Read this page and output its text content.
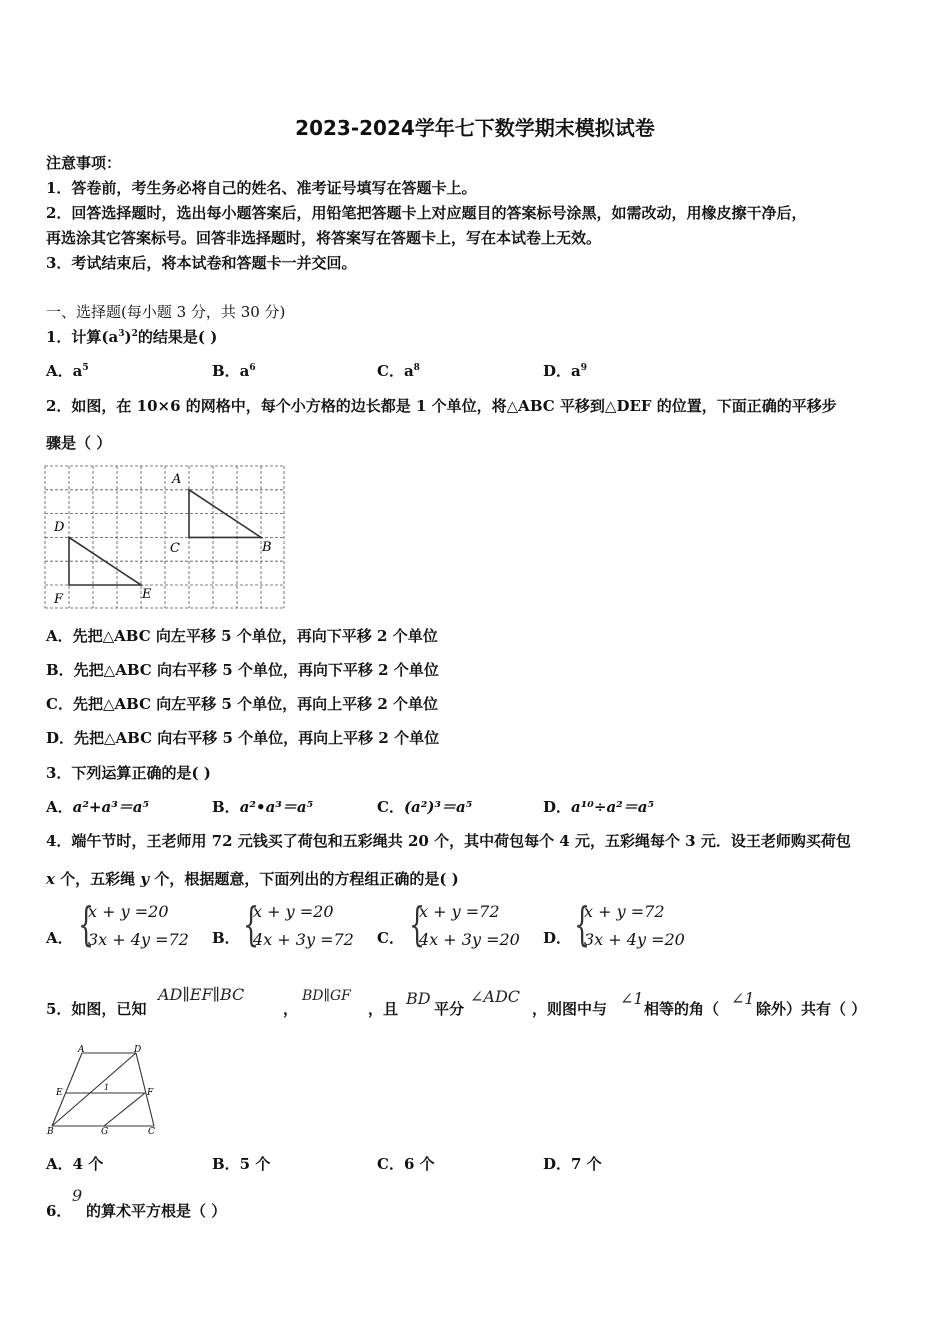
2023-2024学年七下数学期末模拟试卷
注意事项：
1．答卷前，考生务必将自己的姓名、准考证号填写在答题卡上。
2．回答选择题时，选出每小题答案后，用铅笔把答题卡上对应题目的答案标号涂黑，如需改动，用橡皮擦干净后，
再选涂其它答案标号。回答非选择题时，将答案写在答题卡上，写在本试卷上无效。
3．考试结束后，将本试卷和答题卡一并交回。
一、选择题(每小题 3 分，共 30 分)
1．计算$(a^3)^2$的结果是( )
A．$a^5$	B．$a^6$	C．$a^8$	D．$a^9$
2．如图，在 10×6 的网格中，每个小方格的边长都是 1 个单位，将△ABC 平移到△DEF 的位置，下面正确的平移步
骤是（ ）
A
B
C
D
E
F
A．先把△ABC 向左平移 5 个单位，再向下平移 2 个单位
B．先把△ABC 向右平移 5 个单位，再向下平移 2 个单位
C．先把△ABC 向左平移 5 个单位，再向上平移 2 个单位
D．先把△ABC 向右平移 5 个单位，再向上平移 2 个单位
3．下列运算正确的是( )
A．a²+a³＝a⁵	B．a²•a³＝a⁵	C．(a²)³＝a⁵	D．a¹⁰÷a²＝a⁵
4．端午节时，王老师用 72 元钱买了荷包和五彩绳共 20 个，其中荷包每个 4 元，五彩绳每个 3 元．设王老师购买荷包
x 个，五彩绳 y 个，根据题意，下面列出的方程组正确的是( )
A． {
x + y =20
3x + 4y =72 B． {
x + y =20
4x + 3y =72 C． {
x + y =72
4x + 3y =20 D． {
x + y =72
3x + 4y =20
5．如图，已知
AD∥EF∥BC
，
BD∥GF
，且
BD
平分
∠ADC
，则图中与
∠1
相等的角（
∠1
除外）共有（ ）
A	D
E	F
B	G	C
1
A．4 个	B．5 个	C．6 个	D．7 个
6．
9
的算术平方根是（ ）
